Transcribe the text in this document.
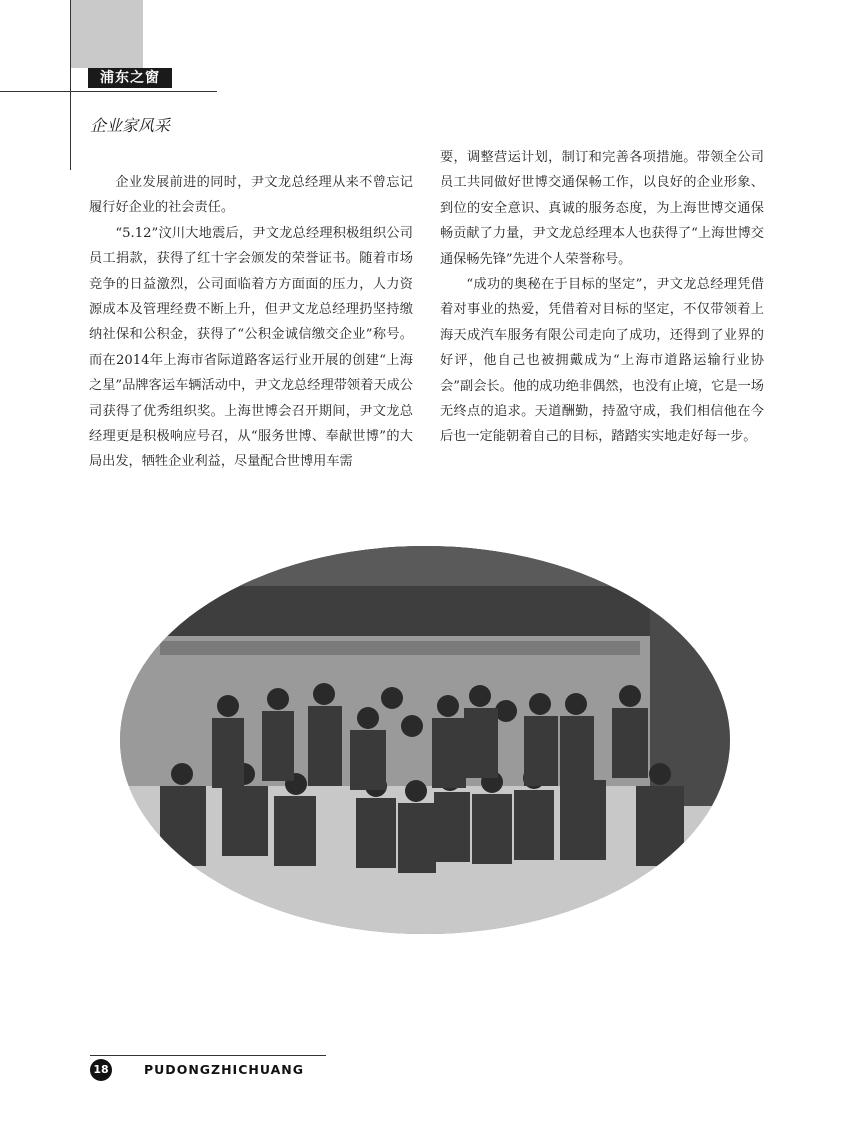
浦东之窗
企业家风采

企业发展前进的同时，尹文龙总经理从来不曾忘记履行好企业的社会责任。

“5.12”汶川大地震后，尹文龙总经理积极组织公司员工捐款，获得了红十字会颁发的荣誉证书。随着市场竞争的日益激烈，公司面临着方方面面的压力，人力资源成本及管理经费不断上升，但尹文龙总经理扔坚持缴纳社保和公积金，获得了“公积金诚信缴交企业”称号。而在2014年上海市省际道路客运行业开展的创建“上海之星”品牌客运车辆活动中，尹文龙总经理带领着天成公司获得了优秀组织奖。上海世博会召开期间，尹文龙总经理更是积极响应号召，从“服务世博、奉献世博”的大局出发，牺牲企业利益，尽量配合世博用车需

要，调整营运计划，制订和完善各项措施。带领全公司员工共同做好世博交通保畅工作，以良好的企业形象、到位的安全意识、真诚的服务态度，为上海世博交通保畅贡献了力量，尹文龙总经理本人也获得了“上海世博交通保畅先锋”先进个人荣誉称号。

“成功的奥秘在于目标的坚定”，尹文龙总经理凭借着对事业的热爱，凭借着对目标的坚定，不仅带领着上海天成汽车服务有限公司走向了成功，还得到了业界的好评，他自己也被拥戴成为“上海市道路运输行业协会”副会长。他的成功绝非偶然，也没有止境，它是一场无终点的追求。天道酬勤，持盈守成，我们相信他在今后也一定能朝着自己的目标，踏踏实实地走好每一步。

18	PUDONGZHICHUANG
